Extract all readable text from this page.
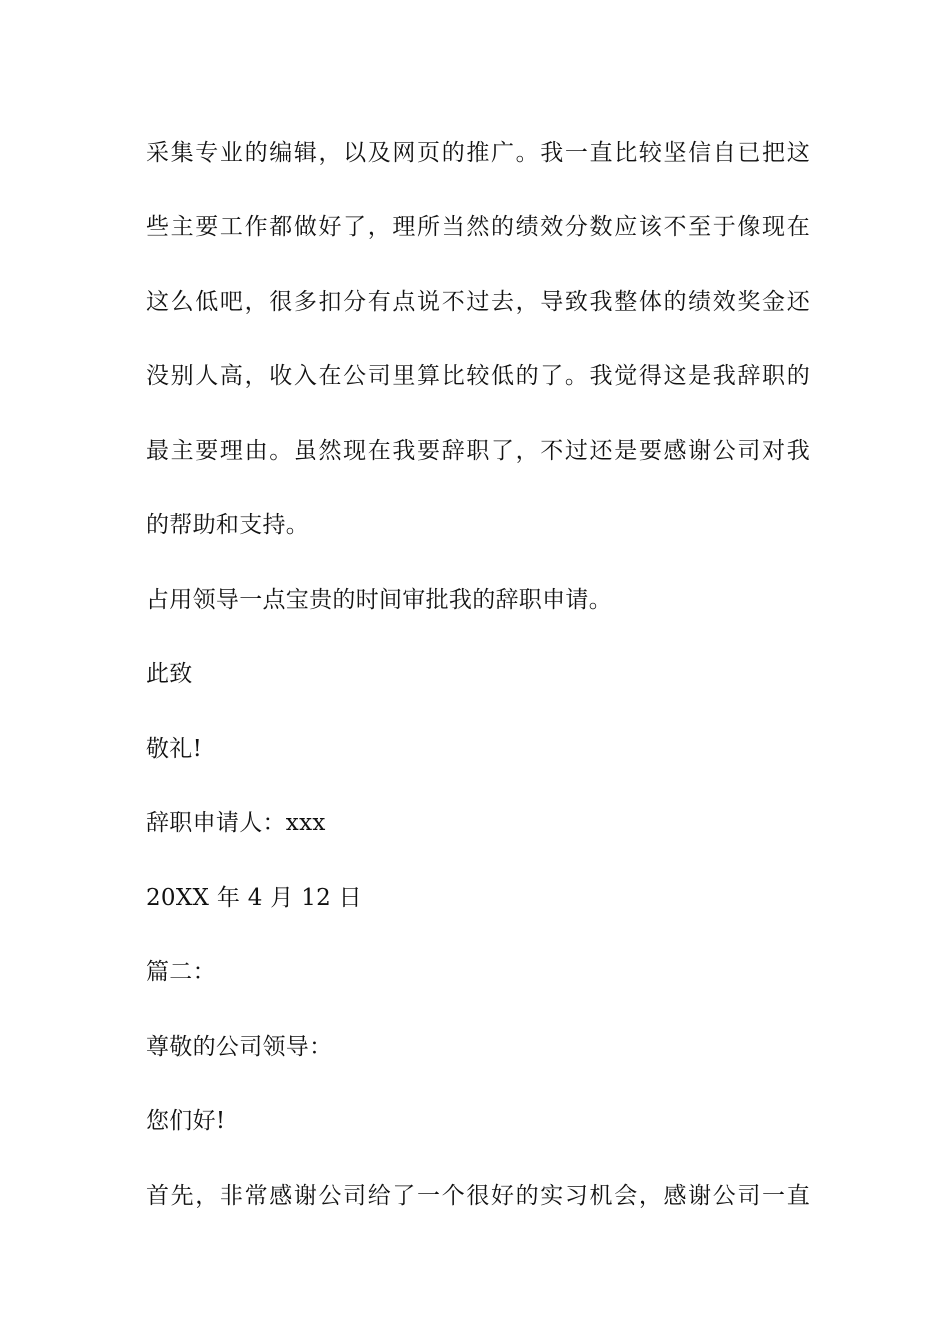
采集专业的编辑，以及网页的推广。我一直比较坚信自已把这
些主要工作都做好了，理所当然的绩效分数应该不至于像现在
这么低吧，很多扣分有点说不过去，导致我整体的绩效奖金还
没别人高，收入在公司里算比较低的了。我觉得这是我辞职的
最主要理由。虽然现在我要辞职了，不过还是要感谢公司对我
的帮助和支持。
占用领导一点宝贵的时间审批我的辞职申请。
此致
敬礼!
辞职申请人：xxx
20XX 年 4 月 12 日
篇二：
尊敬的公司领导：
您们好!
首先，非常感谢公司给了一个很好的实习机会，感谢公司一直
